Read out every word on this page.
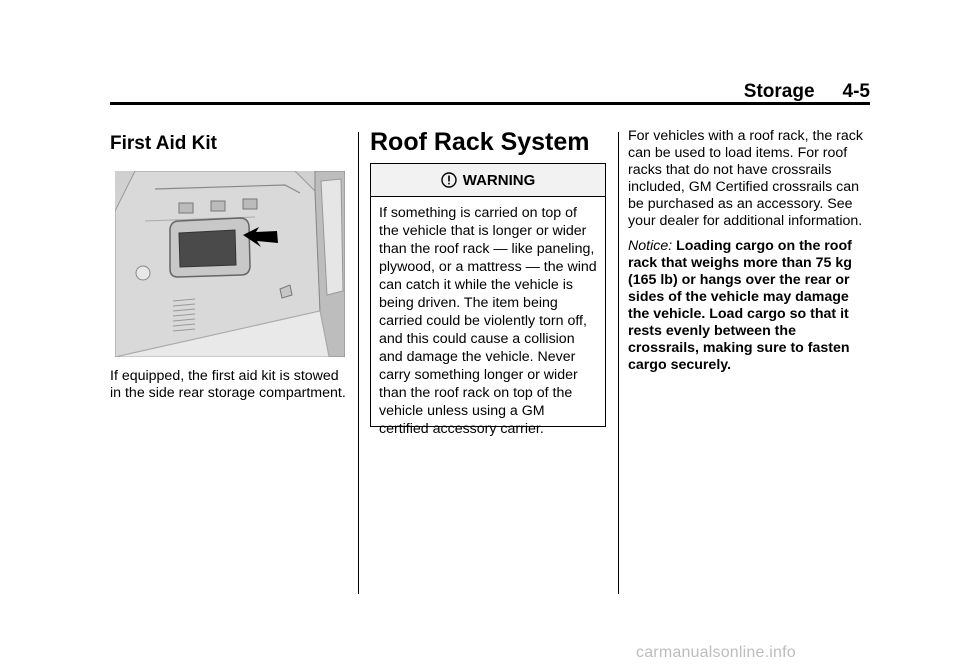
Storage 4-5
First Aid Kit
If equipped, the first aid kit is stowed in the side rear storage compartment.
Roof Rack System
WARNING
If something is carried on top of the vehicle that is longer or wider than the roof rack — like paneling, plywood, or a mattress — the wind can catch it while the vehicle is being driven. The item being carried could be violently torn off, and this could cause a collision and damage the vehicle. Never carry something longer or wider than the roof rack on top of the vehicle unless using a GM certified accessory carrier.

For vehicles with a roof rack, the rack can be used to load items. For roof racks that do not have crossrails included, GM Certified crossrails can be purchased as an accessory. See your dealer for additional information.

Notice: Loading cargo on the roof rack that weighs more than 75 kg (165 lb) or hangs over the rear or sides of the vehicle may damage the vehicle. Load cargo so that it rests evenly between the crossrails, making sure to fasten cargo securely.

carmanualsonline.info
